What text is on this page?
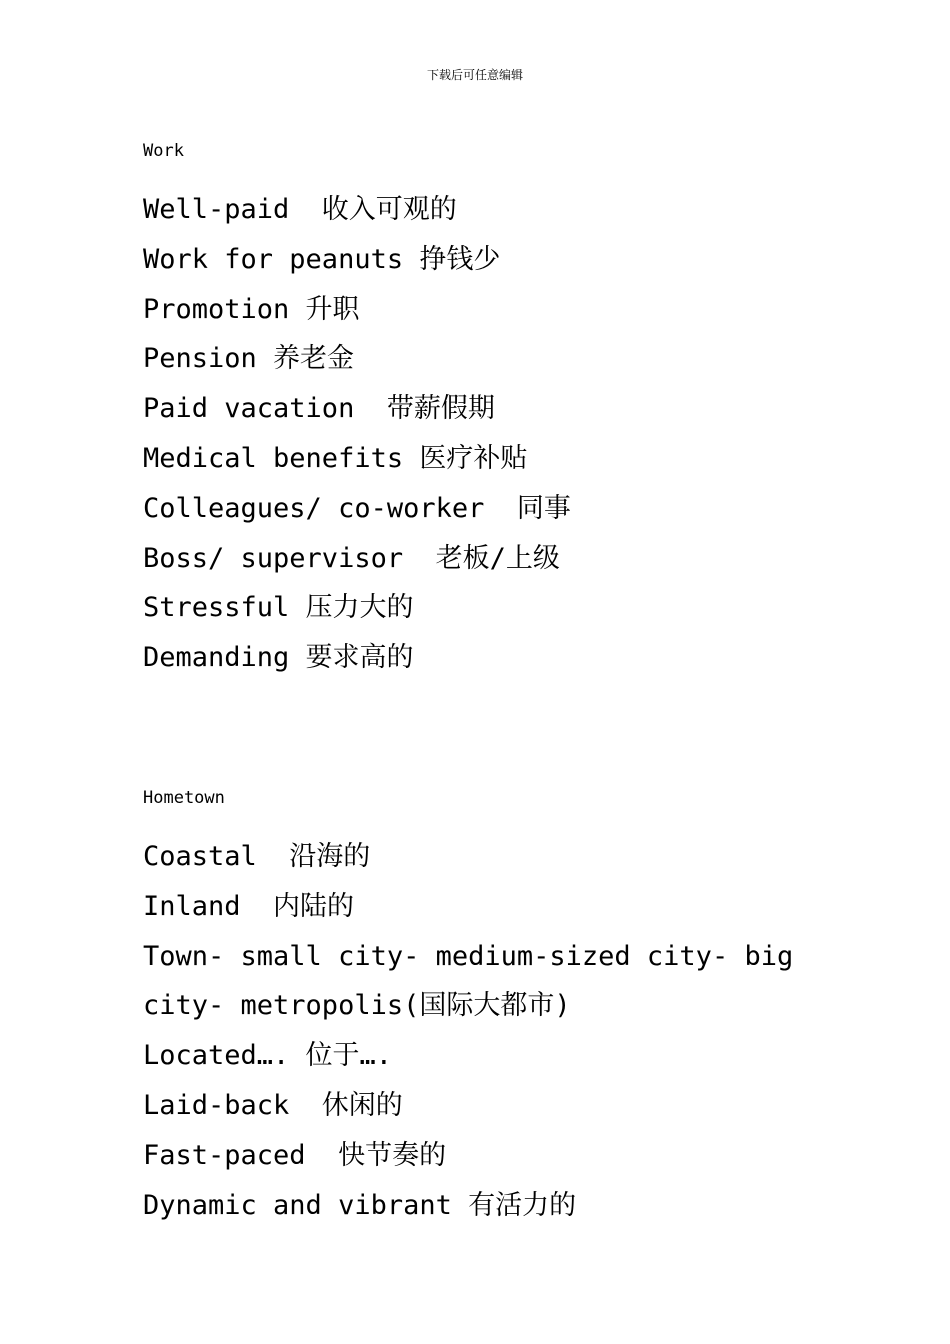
下载后可任意编辑
Work
Well-paid  收入可观的
Work for peanuts 挣钱少
Promotion 升职
Pension 养老金
Paid vacation  带薪假期
Medical benefits 医疗补贴
Colleagues/ co-worker  同事
Boss/ supervisor  老板/上级
Stressful 压力大的
Demanding 要求高的
Hometown
Coastal  沿海的
Inland  内陆的
Town- small city- medium-sized city- big city- metropolis(国际大都市)
Located…. 位于….
Laid-back  休闲的
Fast-paced  快节奏的
Dynamic and vibrant 有活力的
